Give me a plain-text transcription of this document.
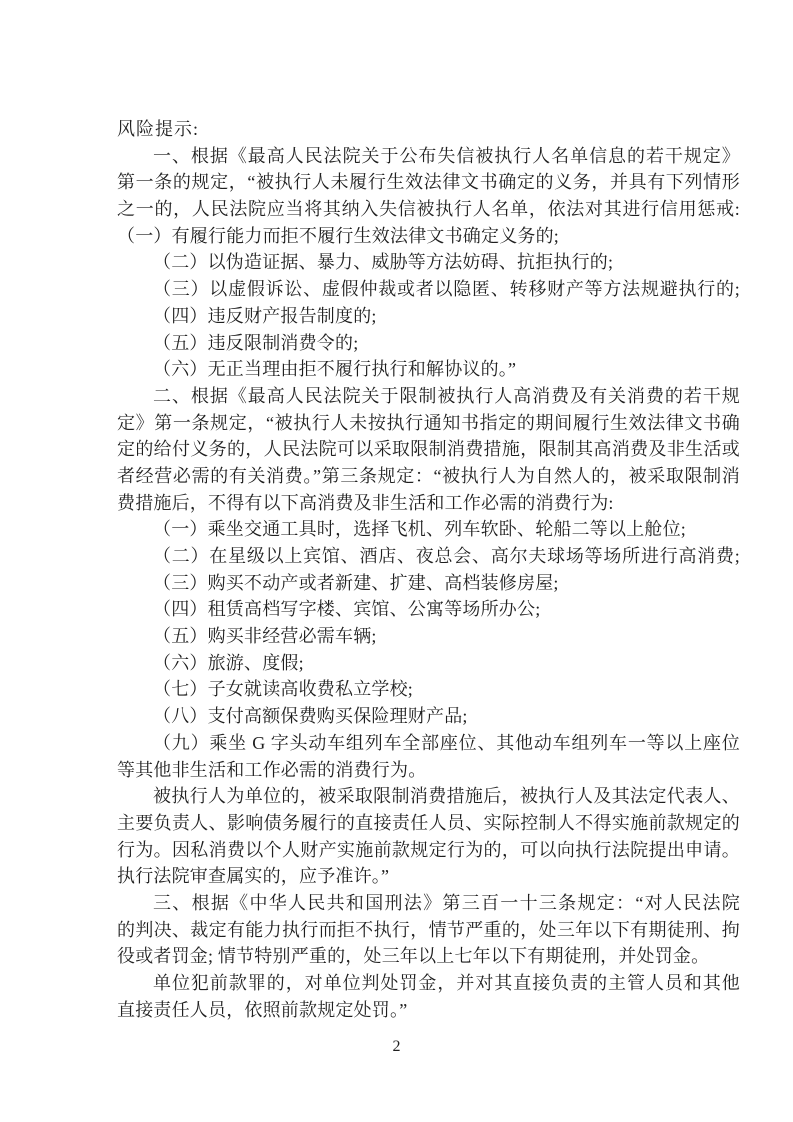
风险提示:
一、根据《最高人民法院关于公布失信被执行人名单信息的若干规定》
第一条的规定，“被执行人未履行生效法律文书确定的义务，并具有下列情形
之一的，人民法院应当将其纳入失信被执行人名单，依法对其进行信用惩戒:
（一）有履行能力而拒不履行生效法律文书确定义务的;
（二）以伪造证据、暴力、威胁等方法妨碍、抗拒执行的;
（三）以虚假诉讼、虚假仲裁或者以隐匿、转移财产等方法规避执行的;
（四）违反财产报告制度的;
（五）违反限制消费令的;
（六）无正当理由拒不履行执行和解协议的。”
二、根据《最高人民法院关于限制被执行人高消费及有关消费的若干规
定》第一条规定，“被执行人未按执行通知书指定的期间履行生效法律文书确
定的给付义务的，人民法院可以采取限制消费措施，限制其高消费及非生活或
者经营必需的有关消费。”第三条规定：“被执行人为自然人的，被采取限制消
费措施后，不得有以下高消费及非生活和工作必需的消费行为:
（一）乘坐交通工具时，选择飞机、列车软卧、轮船二等以上舱位;
（二）在星级以上宾馆、酒店、夜总会、高尔夫球场等场所进行高消费;
（三）购买不动产或者新建、扩建、高档装修房屋;
（四）租赁高档写字楼、宾馆、公寓等场所办公;
（五）购买非经营必需车辆;
（六）旅游、度假;
（七）子女就读高收费私立学校;
（八）支付高额保费购买保险理财产品;
（九）乘坐 G 字头动车组列车全部座位、其他动车组列车一等以上座位
等其他非生活和工作必需的消费行为。
被执行人为单位的，被采取限制消费措施后，被执行人及其法定代表人、
主要负责人、影响债务履行的直接责任人员、实际控制人不得实施前款规定的
行为。因私消费以个人财产实施前款规定行为的，可以向执行法院提出申请。
执行法院审查属实的，应予准许。”
三、根据《中华人民共和国刑法》第三百一十三条规定：“对人民法院
的判决、裁定有能力执行而拒不执行，情节严重的，处三年以下有期徒刑、拘
役或者罚金; 情节特别严重的，处三年以上七年以下有期徒刑，并处罚金。
单位犯前款罪的，对单位判处罚金，并对其直接负责的主管人员和其他
直接责任人员，依照前款规定处罚。”
2
